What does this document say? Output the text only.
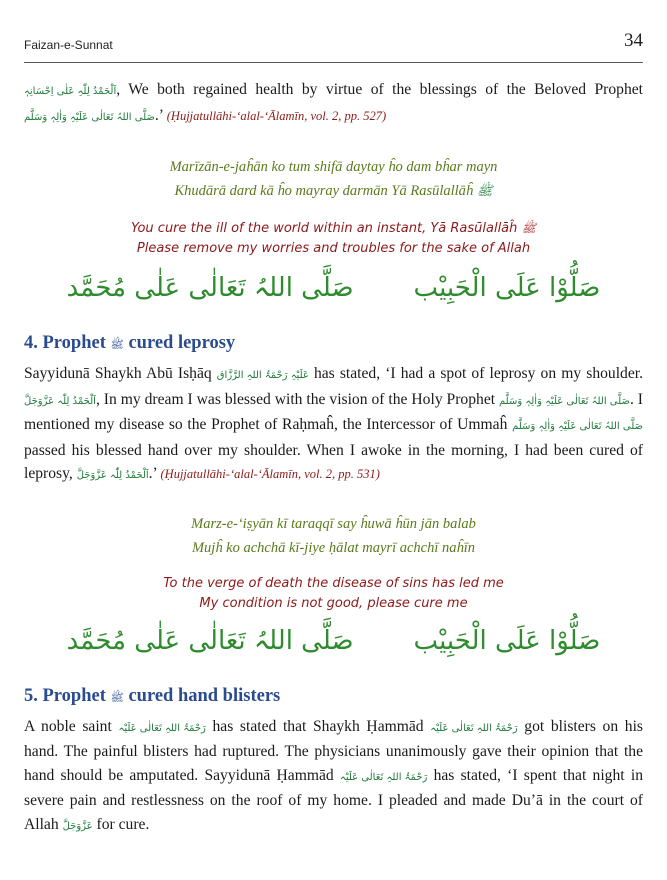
Faizan-e-Sunnat	34

اَلْحَمْدُ لِلّٰہِ عَلٰی اِحْسَانِہٖ, We both regained health by virtue of the blessings of the Beloved Prophet صَلَّی اللہُ تَعَالٰی عَلَیْہِ وَاٰلِہٖ وَسَلَّم.’ (Ḥujjatullāhi-‘alal-‘Ālamīn, vol. 2, pp. 527)

Marīzān-e-jaĥān ko tum shifā daytay ĥo dam bĥar mayn

Khudārā dard kā ĥo mayray darmān Yā Rasūlallāĥ ﷺ

You cure the ill of the world within an instant, Yā Rasūlallāĥ ﷺ

Please remove my worries and troubles for the sake of Allah

صَلُّوْا عَلَی الْحَبِیْب
صَلَّی اللہُ تَعَالٰی عَلٰی مُحَمَّد
4. Prophet ﷺ cured leprosy

Sayyidunā Shaykh Abū Isḥāq عَلَیْہِ رَحْمَۃُ اللہِ الرَّزَّاق has stated, ‘I had a spot of leprosy on my shoulder. اَلْحَمْدُ لِلّٰہ عَزَّوَجَلَّ, In my dream I was blessed with the vision of the Holy Prophet صَلَّی اللہُ تَعَالٰی عَلَیْہِ وَاٰلِہٖ وَسَلَّم. I mentioned my disease so the Prophet of Raḥmaĥ, the Intercessor of Ummaĥ صَلَّی اللہُ تَعَالٰی عَلَیْہِ وَاٰلِہٖ وَسَلَّم passed his blessed hand over my shoulder. When I awoke in the morning, I had been cured of leprosy, اَلْحَمْدُ لِلّٰہ عَزَّوَجَلَّ.’ (Ḥujjatullāhi-‘alal-‘Ālamīn, vol. 2, pp. 531)

Marz-e-‘iṣyān kī taraqqī say ĥuwā ĥūn jān balab

Mujĥ ko achchā kī-jiye ḥālat mayrī achchī naĥīn

To the verge of death the disease of sins has led me

My condition is not good, please cure me

صَلُّوْا عَلَی الْحَبِیْب
صَلَّی اللہُ تَعَالٰی عَلٰی مُحَمَّد
5. Prophet ﷺ cured hand blisters

A noble saint رَحْمَۃُ اللہِ تَعَالٰی عَلَیْہ has stated that Shaykh Ḥammād رَحْمَۃُ اللہِ تَعَالٰی عَلَیْہ got blisters on his hand. The painful blisters had ruptured. The physicians unanimously gave their opinion that the hand should be amputated. Sayyidunā Ḥammād رَحْمَۃُ اللہِ تَعَالٰی عَلَیْہ has stated, ‘I spent that night in severe pain and restlessness on the roof of my home. I pleaded and made Du’ā in the court of Allah عَزَّوَجَلَّ for cure.
